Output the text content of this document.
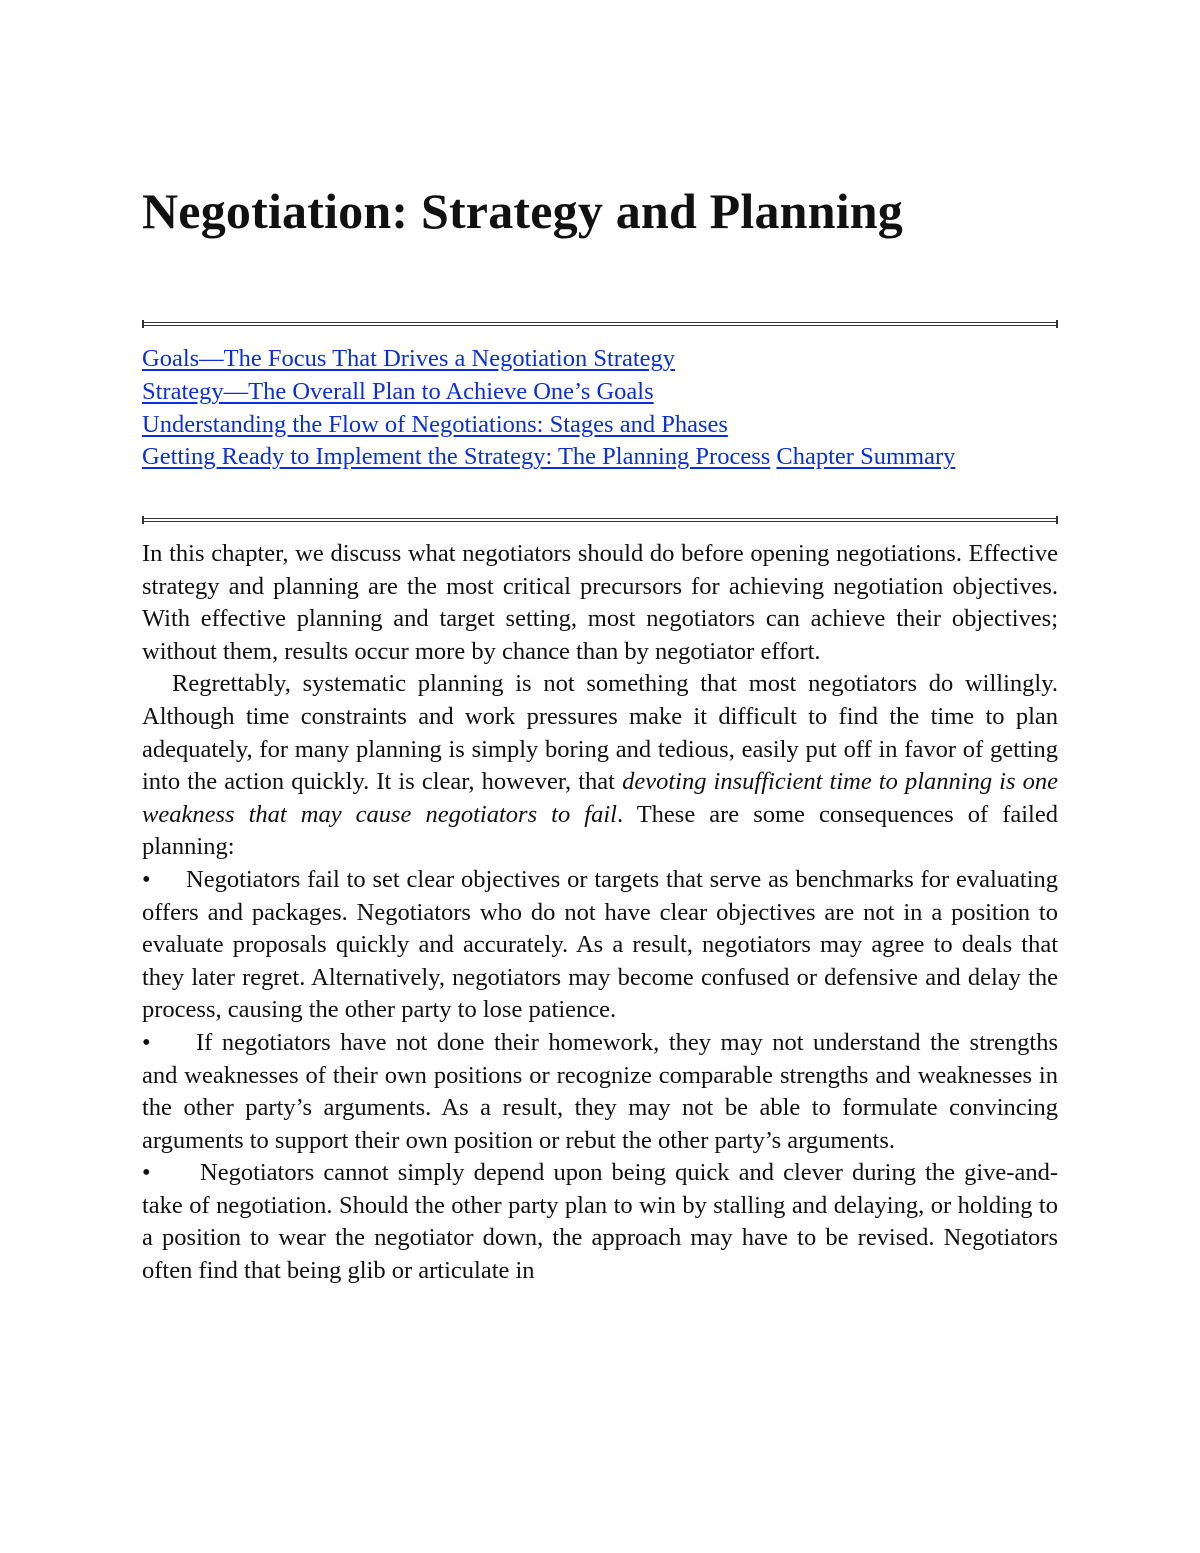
Negotiation: Strategy and Planning
Goals—The Focus That Drives a Negotiation Strategy
Strategy—The Overall Plan to Achieve One’s Goals
Understanding the Flow of Negotiations: Stages and Phases
Getting Ready to Implement the Strategy: The Planning Process Chapter Summary

In this chapter, we discuss what negotiators should do before opening negotiations. Effective strategy and planning are the most critical precursors for achieving negotiation objectives. With effective planning and target setting, most negotiators can achieve their objectives; without them, results occur more by chance than by negotiator effort.

Regrettably, systematic planning is not something that most negotiators do willingly. Although time constraints and work pressures make it difficult to find the time to plan adequately, for many planning is simply boring and tedious, easily put off in favor of getting into the action quickly. It is clear, however, that devoting insufficient time to planning is one weakness that may cause negotiators to fail. These are some consequences of failed planning:

• Negotiators fail to set clear objectives or targets that serve as benchmarks for evaluating offers and packages. Negotiators who do not have clear objectives are not in a position to evaluate proposals quickly and accurately. As a result, negotiators may agree to deals that they later regret. Alternatively, negotiators may become confused or defensive and delay the process, causing the other party to lose patience.

• If negotiators have not done their homework, they may not understand the strengths and weaknesses of their own positions or recognize comparable strengths and weaknesses in the other party’s arguments. As a result, they may not be able to formulate convincing arguments to support their own position or rebut the other party’s arguments.

• Negotiators cannot simply depend upon being quick and clever during the give-and-take of negotiation. Should the other party plan to win by stalling and delaying, or holding to a position to wear the negotiator down, the approach may have to be revised. Negotiators often find that being glib or articulate in
